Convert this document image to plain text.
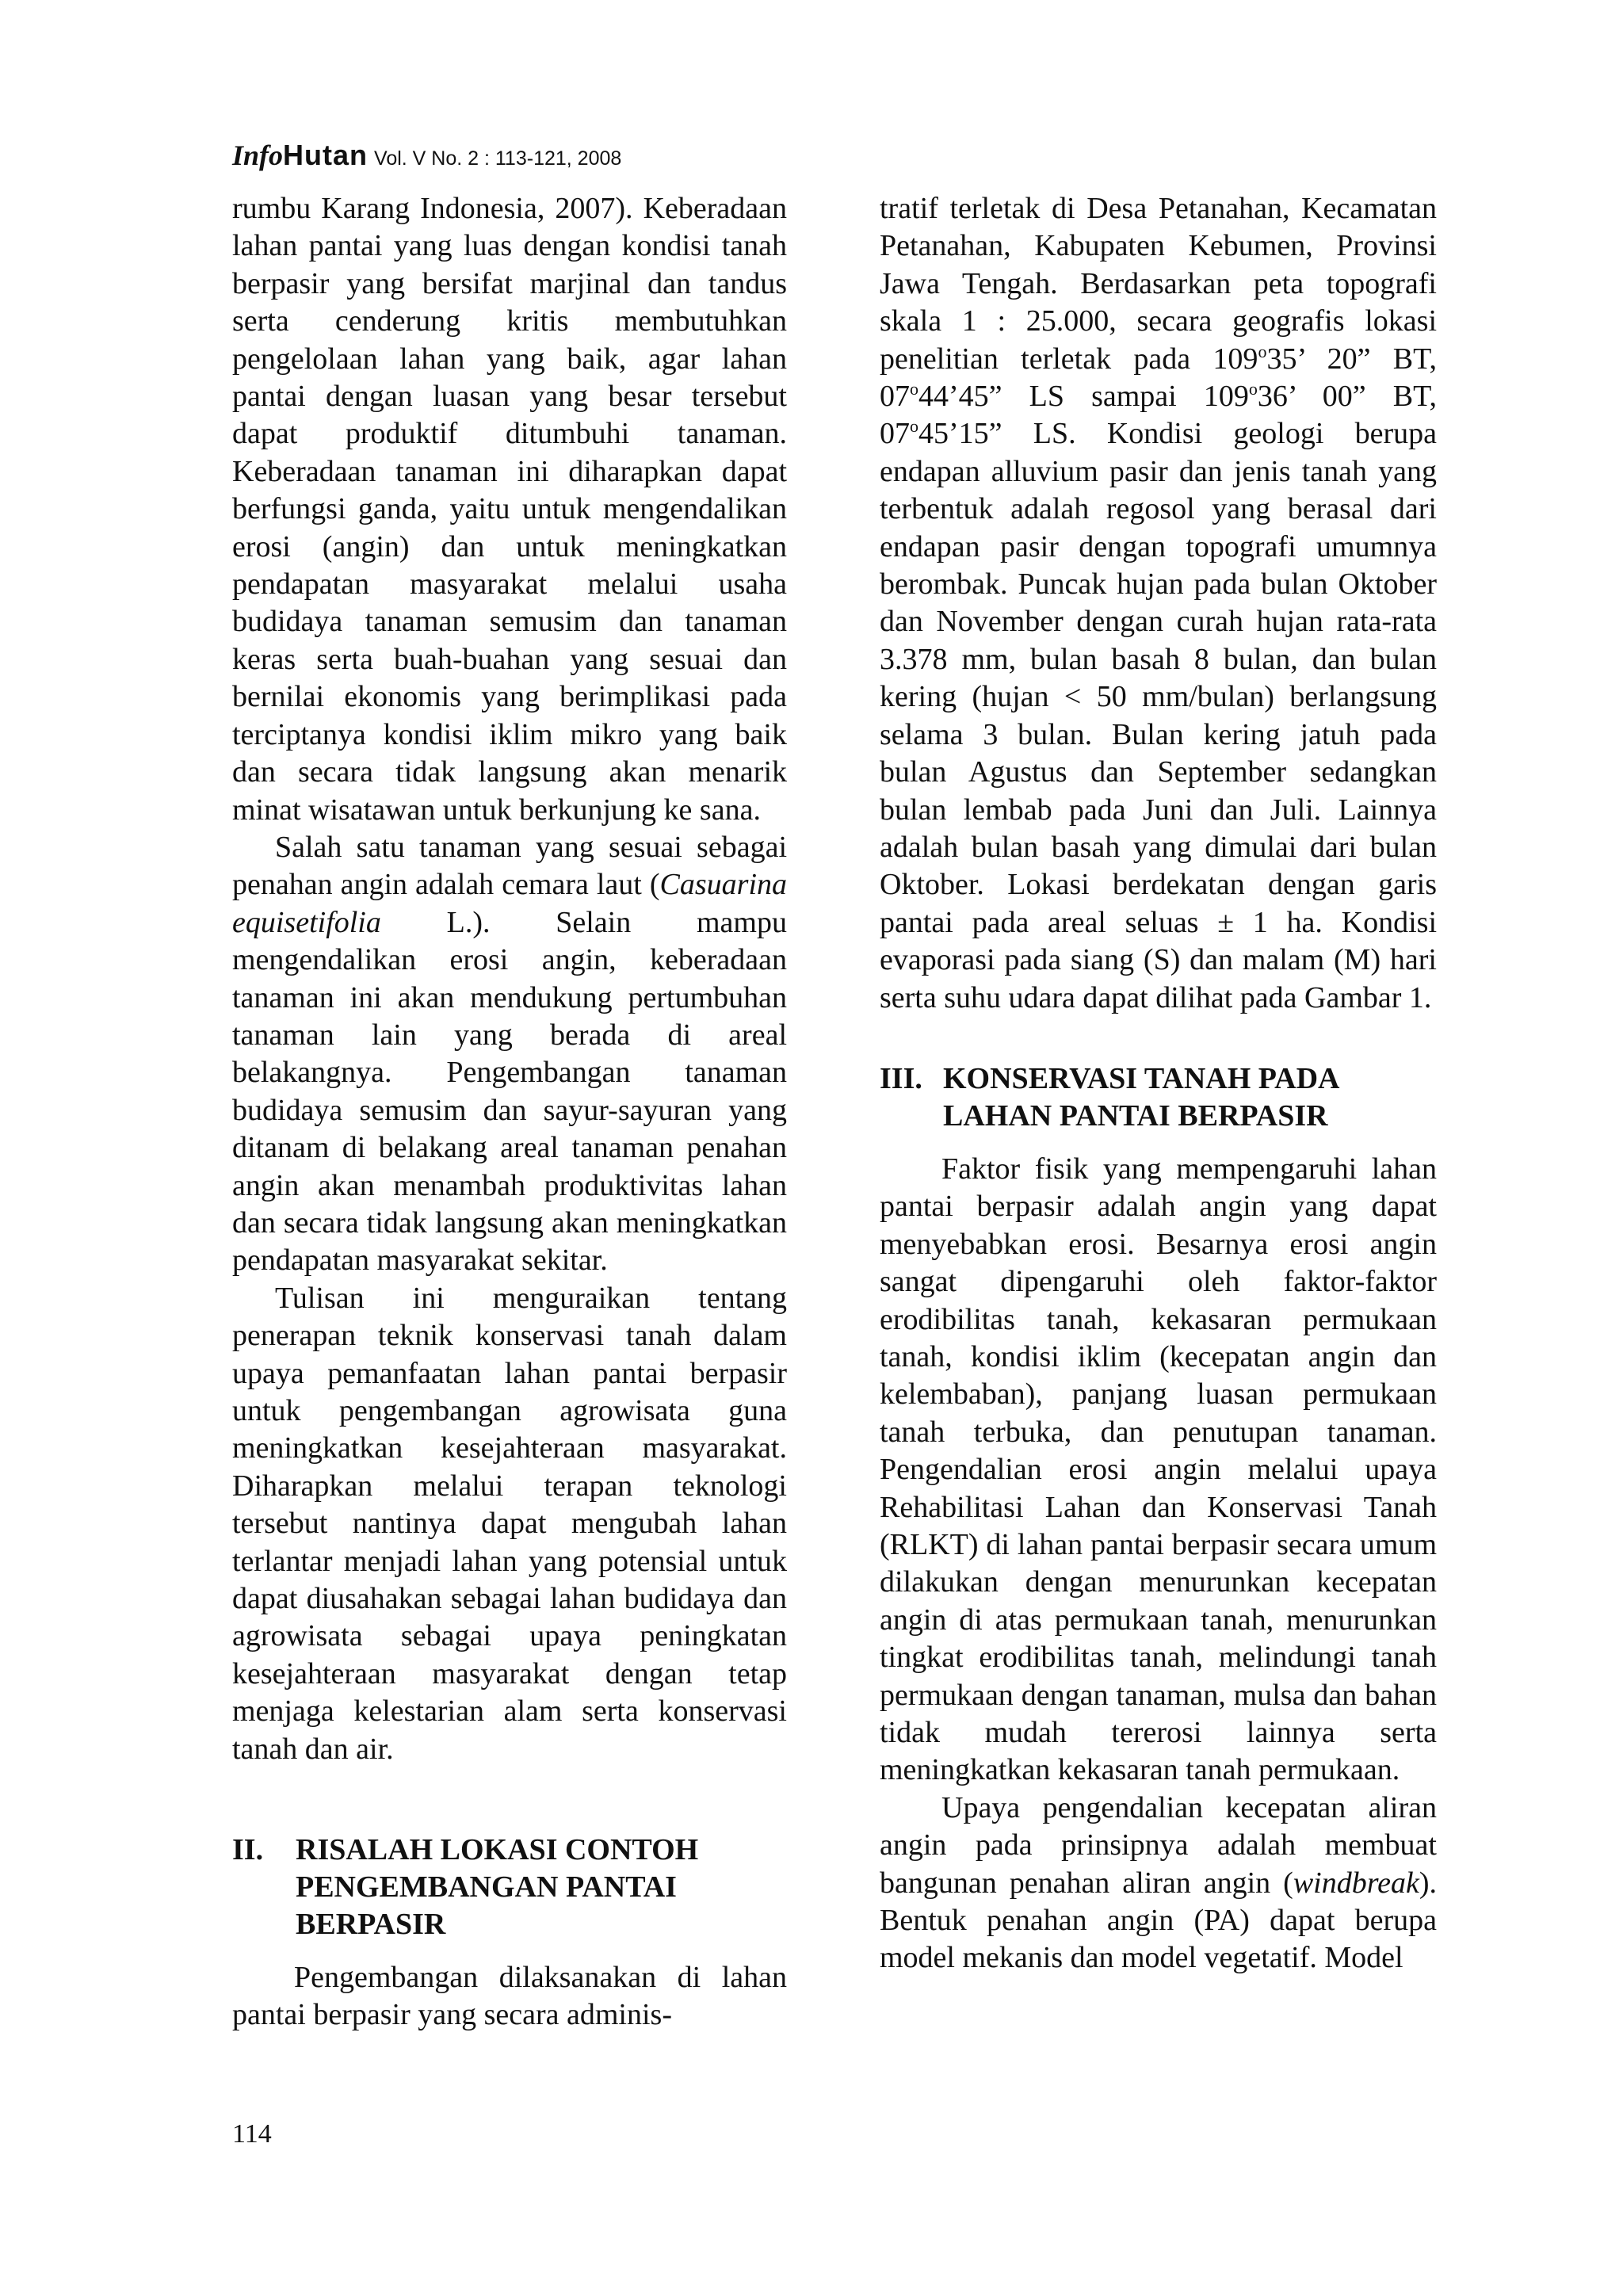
InfoHutan Vol. V No. 2 : 113-121, 2008

rumbu Karang Indonesia, 2007). Keberadaan lahan pantai yang luas dengan kondisi tanah berpasir yang bersifat marjinal dan tandus serta cenderung kritis membutuhkan pengelolaan lahan yang baik, agar lahan pantai dengan luasan yang besar tersebut dapat produktif ditumbuhi tanaman. Keberadaan tanaman ini diharapkan dapat berfungsi ganda, yaitu untuk mengendalikan erosi (angin) dan untuk meningkatkan pendapatan masyarakat melalui usaha budidaya tanaman semusim dan tanaman keras serta buah-buahan yang sesuai dan bernilai ekonomis yang berimplikasi pada terciptanya kondisi iklim mikro yang baik dan secara tidak langsung akan menarik minat wisatawan untuk berkunjung ke sana.

Salah satu tanaman yang sesuai sebagai penahan angin adalah cemara laut (Casuarina equisetifolia L.). Selain mampu mengendalikan erosi angin, keberadaan tanaman ini akan mendukung pertumbuhan tanaman lain yang berada di areal belakangnya. Pengembangan tanaman budidaya semusim dan sayur-sayuran yang ditanam di belakang areal tanaman penahan angin akan menambah produktivitas lahan dan secara tidak langsung akan meningkatkan pendapatan masyarakat sekitar.

Tulisan ini menguraikan tentang penerapan teknik konservasi tanah dalam upaya pemanfaatan lahan pantai berpasir untuk pengembangan agrowisata guna meningkatkan kesejahteraan masyarakat. Diharapkan melalui terapan teknologi tersebut nantinya dapat mengubah lahan terlantar menjadi lahan yang potensial untuk dapat diusahakan sebagai lahan budidaya dan agrowisata sebagai upaya peningkatan kesejahteraan masyarakat dengan tetap menjaga kelestarian alam serta konservasi tanah dan air.

II. RISALAH LOKASI CONTOH PENGEMBANGAN PANTAI BERPASIR

Pengembangan dilaksanakan di lahan pantai berpasir yang secara adminis-

tratif terletak di Desa Petanahan, Kecamatan Petanahan, Kabupaten Kebumen, Provinsi Jawa Tengah. Berdasarkan peta topografi skala 1 : 25.000, secara geografis lokasi penelitian terletak pada 109$^o$35’ 20” BT, 07$^o$44’45” LS sampai 109$^o$36’ 00” BT, 07$^o$45’15” LS. Kondisi geologi berupa endapan alluvium pasir dan jenis tanah yang terbentuk adalah regosol yang berasal dari endapan pasir dengan topografi umumnya berombak. Puncak hujan pada bulan Oktober dan November dengan curah hujan rata-rata 3.378 mm, bulan basah 8 bulan, dan bulan kering (hujan < 50 mm/bulan) berlangsung selama 3 bulan. Bulan kering jatuh pada bulan Agustus dan September sedangkan bulan lembab pada Juni dan Juli. Lainnya adalah bulan basah yang dimulai dari bulan Oktober. Lokasi berdekatan dengan garis pantai pada areal seluas ± 1 ha. Kondisi evaporasi pada siang (S) dan malam (M) hari serta suhu udara dapat dilihat pada Gambar 1.

III. KONSERVASI TANAH PADA LAHAN PANTAI BERPASIR

Faktor fisik yang mempengaruhi lahan pantai berpasir adalah angin yang dapat menyebabkan erosi. Besarnya erosi angin sangat dipengaruhi oleh faktor-faktor erodibilitas tanah, kekasaran permukaan tanah, kondisi iklim (kecepatan angin dan kelembaban), panjang luasan permukaan tanah terbuka, dan penutupan tanaman. Pengendalian erosi angin melalui upaya Rehabilitasi Lahan dan Konservasi Tanah (RLKT) di lahan pantai berpasir secara umum dilakukan dengan menurunkan kecepatan angin di atas permukaan tanah, menurunkan tingkat erodibilitas tanah, melindungi tanah permukaan dengan tanaman, mulsa dan bahan tidak mudah tererosi lainnya serta meningkatkan kekasaran tanah permukaan.

Upaya pengendalian kecepatan aliran angin pada prinsipnya adalah membuat bangunan penahan aliran angin (windbreak). Bentuk penahan angin (PA) dapat berupa model mekanis dan model vegetatif. Model

114
